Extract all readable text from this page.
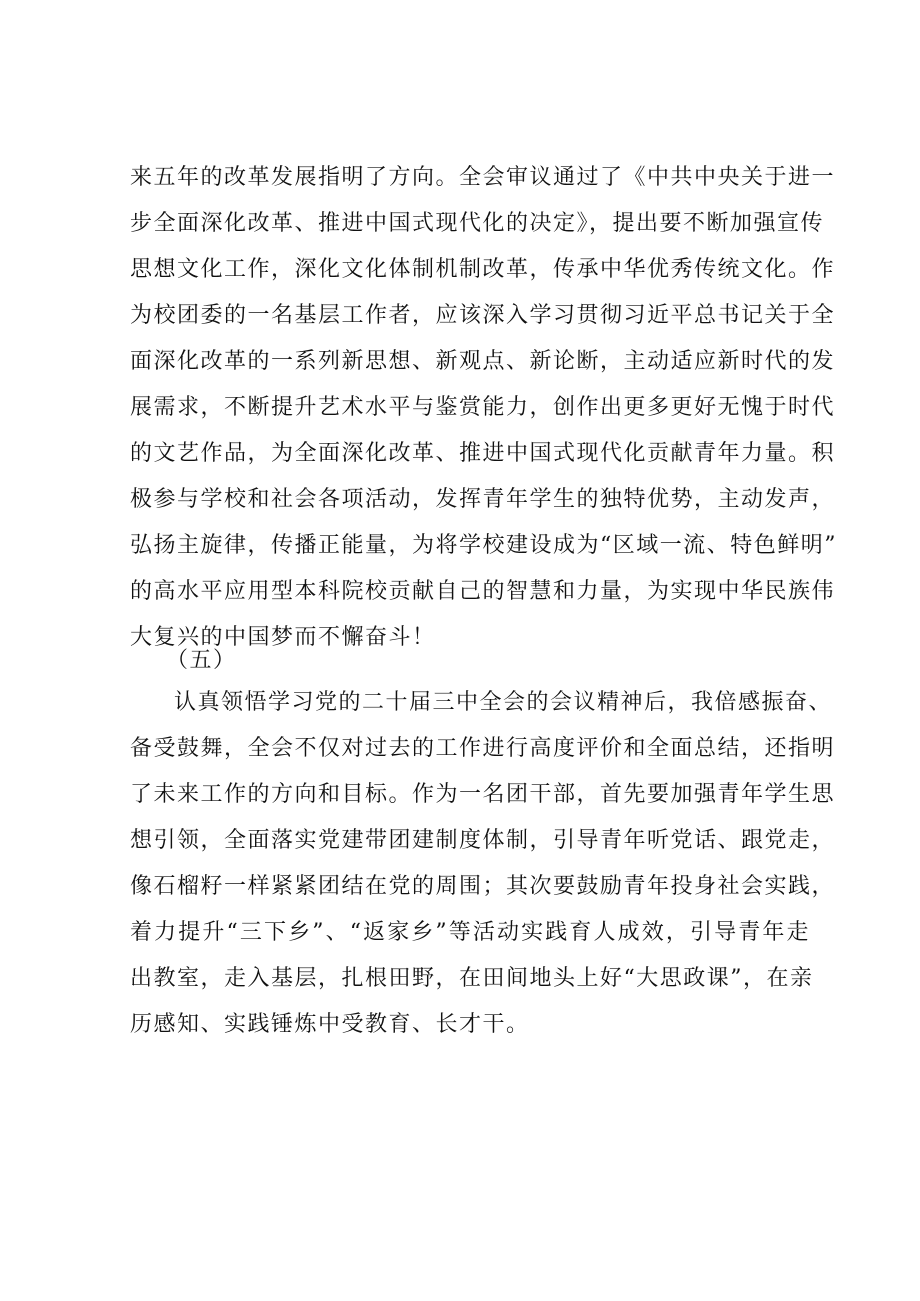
来五年的改革发展指明了方向。全会审议通过了《中共中央关于进一
步全面深化改革、推进中国式现代化的决定》，提出要不断加强宣传
思想文化工作，深化文化体制机制改革，传承中华优秀传统文化。作
为校团委的一名基层工作者，应该深入学习贯彻习近平总书记关于全
面深化改革的一系列新思想、新观点、新论断，主动适应新时代的发
展需求，不断提升艺术水平与鉴赏能力，创作出更多更好无愧于时代
的文艺作品，为全面深化改革、推进中国式现代化贡献青年力量。积
极参与学校和社会各项活动，发挥青年学生的独特优势，主动发声，
弘扬主旋律，传播正能量，为将学校建设成为“区域一流、特色鲜明”
的高水平应用型本科院校贡献自己的智慧和力量，为实现中华民族伟
大复兴的中国梦而不懈奋斗！
（五）
认真领悟学习党的二十届三中全会的会议精神后，我倍感振奋、
备受鼓舞，全会不仅对过去的工作进行高度评价和全面总结，还指明
了未来工作的方向和目标。作为一名团干部，首先要加强青年学生思
想引领，全面落实党建带团建制度体制，引导青年听党话、跟党走，
像石榴籽一样紧紧团结在党的周围；其次要鼓励青年投身社会实践，
着力提升“三下乡”、“返家乡”等活动实践育人成效，引导青年走
出教室，走入基层，扎根田野，在田间地头上好“大思政课”，在亲
历感知、实践锤炼中受教育、长才干。
